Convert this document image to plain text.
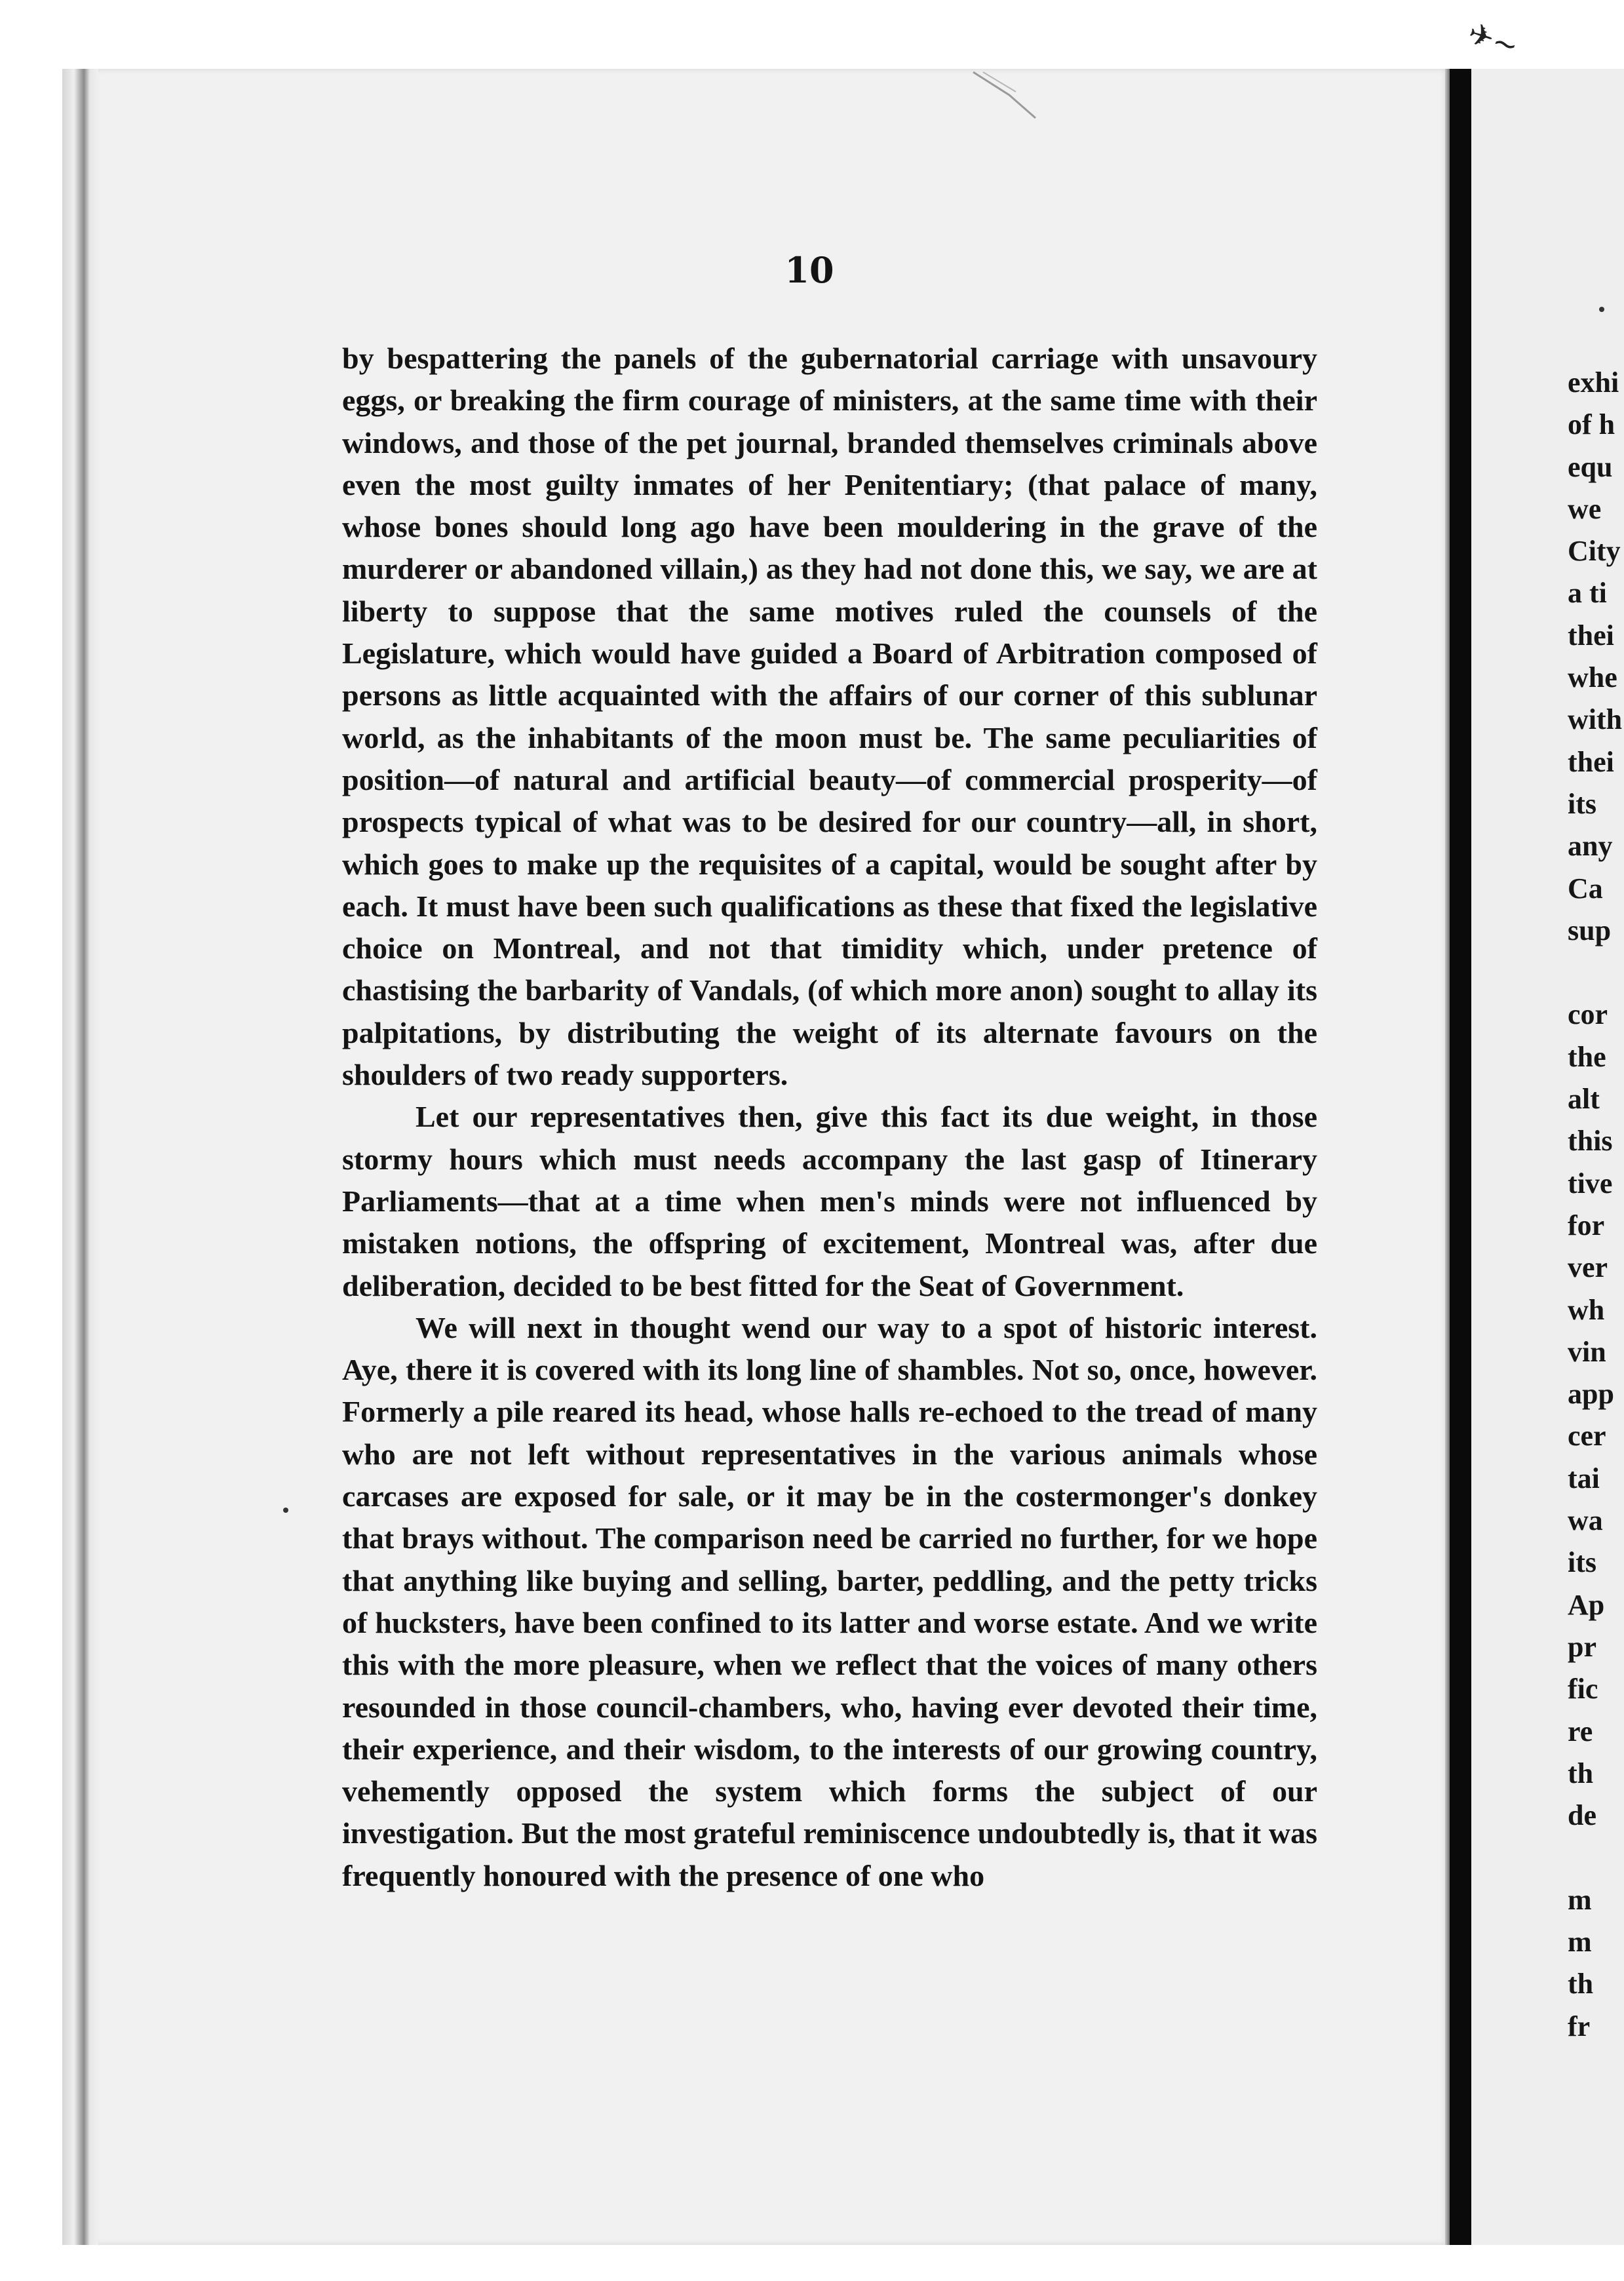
✈~
10

by bespattering the panels of the gubernatorial carriage with unsavoury eggs, or breaking the firm courage of ministers, at the same time with their windows, and those of the pet journal, branded themselves criminals above even the most guilty inmates of her Penitentiary; (that palace of many, whose bones should long ago have been mouldering in the grave of the murderer or abandoned villain,) as they had not done this, we say, we are at liberty to suppose that the same motives ruled the counsels of the Legislature, which would have guided a Board of Arbitration composed of persons as little acquainted with the affairs of our corner of this sublunar world, as the inhabitants of the moon must be. The same peculiarities of position—of natural and artificial beauty—of commercial prosperity—of prospects typical of what was to be desired for our country—all, in short, which goes to make up the requisites of a capital, would be sought after by each. It must have been such qualifications as these that fixed the legislative choice on Montreal, and not that timidity which, under pretence of chastising the barbarity of Vandals, (of which more anon) sought to allay its palpitations, by distributing the weight of its alternate favours on the shoulders of two ready supporters.

Let our representatives then, give this fact its due weight, in those stormy hours which must needs accompany the last gasp of Itinerary Parliaments—that at a time when men's minds were not influenced by mistaken notions, the offspring of excitement, Montreal was, after due deliberation, decided to be best fitted for the Seat of Government.

We will next in thought wend our way to a spot of historic interest. Aye, there it is covered with its long line of shambles. Not so, once, however. Formerly a pile reared its head, whose halls re-echoed to the tread of many who are not left without representatives in the various animals whose carcases are exposed for sale, or it may be in the costermonger's donkey that brays without. The comparison need be carried no further, for we hope that anything like buying and selling, barter, peddling, and the petty tricks of hucksters, have been confined to its latter and worse estate. And we write this with the more pleasure, when we reflect that the voices of many others resounded in those council-chambers, who, having ever devoted their time, their experience, and their wisdom, to the interests of our growing country, vehemently opposed the system which forms the subject of our investigation. But the most grateful reminiscence undoubtedly is, that it was frequently honoured with the presence of one who

exhi
of h
equ
we
City
a ti
thei
whe
with
thei
its
any
Ca
sup
cor
the
alt
this
tive
for
ver
wh
vin
app
cer
tai
wa
its
Ap
pr
fic
re
th
de
m
m
th
fr
